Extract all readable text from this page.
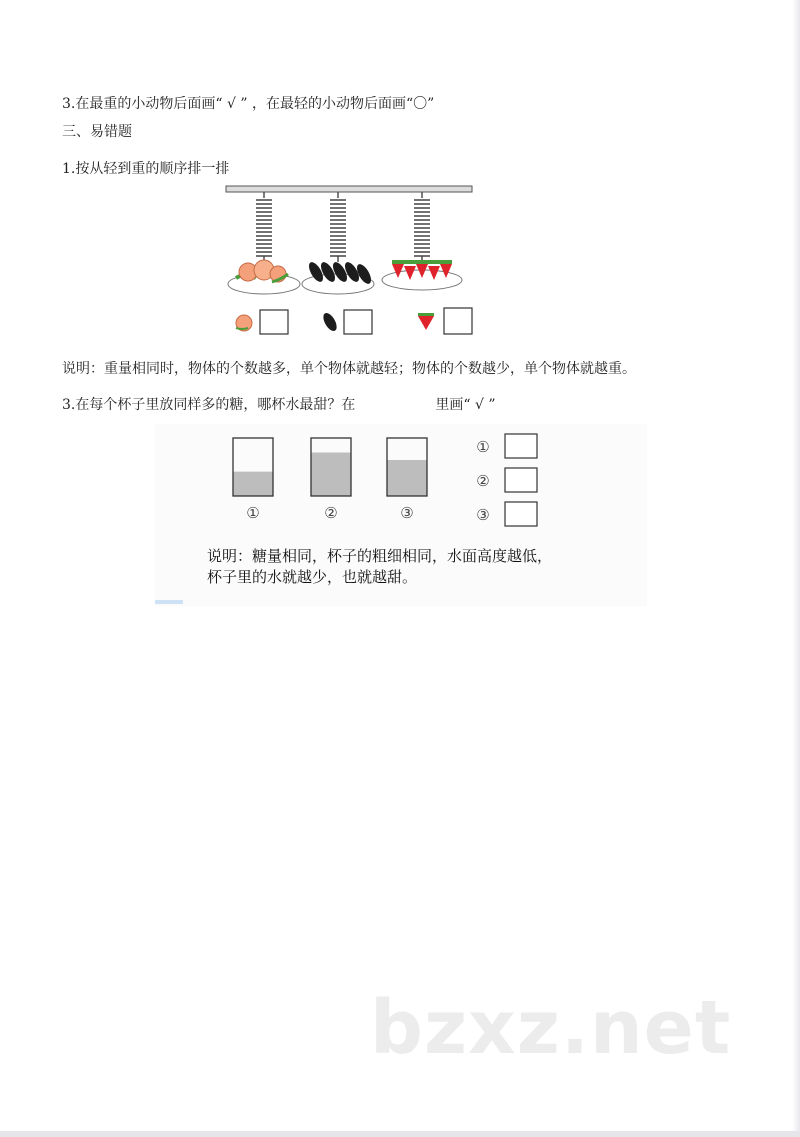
3.在最重的小动物后面画“ √ ” ，在最轻的小动物后面画“〇”
三、易错题
1.按从轻到重的顺序排一排
说明：重量相同时，物体的个数越多，单个物体就越轻；物体的个数越少，单个物体就越重。
3.在每个杯子里放同样多的糖，哪杯水最甜？在	里画“ √ ”
①	②	③
①
②
③
说明：糖量相同，杯子的粗细相同，水面高度越低，
杯子里的水就越少，也就越甜。
bzxz.net
